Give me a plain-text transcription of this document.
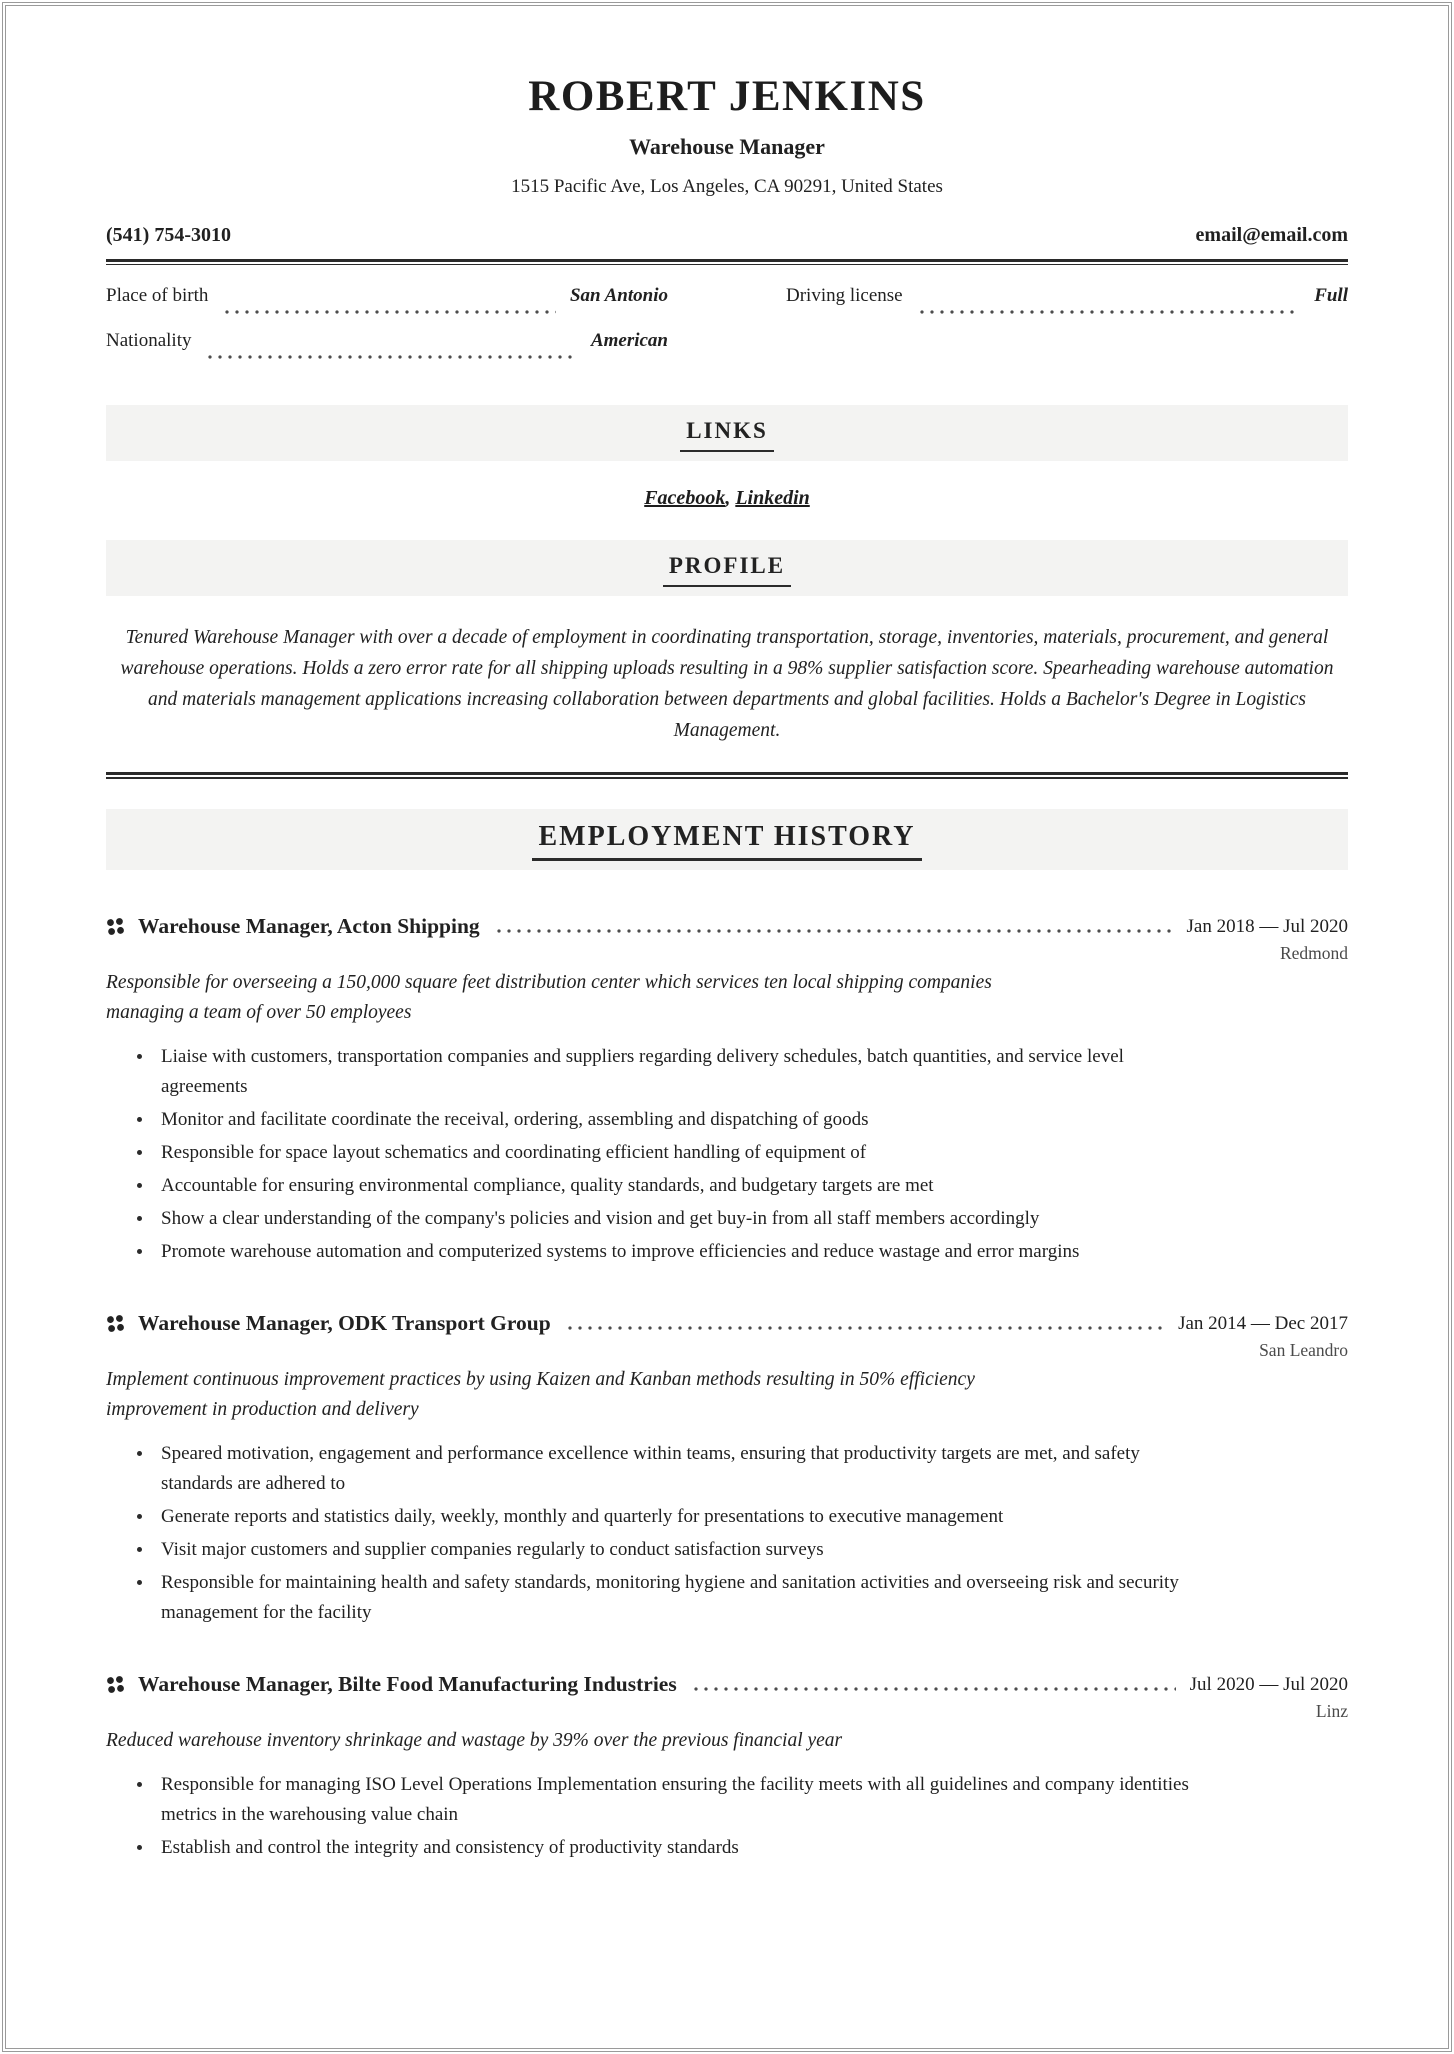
ROBERT JENKINS
Warehouse Manager
1515 Pacific Ave, Los Angeles, CA 90291, United States
(541) 754-3010	email@email.com
Place of birth	San Antonio
Nationality	American
Driving license	Full
LINKS
Facebook, Linkedin
PROFILE
Tenured Warehouse Manager with over a decade of employment in coordinating transportation, storage, inventories, materials, procurement, and general warehouse operations. Holds a zero error rate for all shipping uploads resulting in a 98% supplier satisfaction score. Spearheading warehouse automation and materials management applications increasing collaboration between departments and global facilities. Holds a Bachelor's Degree in Logistics Management.
EMPLOYMENT HISTORY
Warehouse Manager, Acton Shipping	Jan 2018 — Jul 2020
Redmond
Responsible for overseeing a 150,000 square feet distribution center which services ten local shipping companies managing a team of over 50 employees
Liaise with customers, transportation companies and suppliers regarding delivery schedules, batch quantities, and service level agreements
Monitor and facilitate coordinate the receival, ordering, assembling and dispatching of goods
Responsible for space layout schematics and coordinating efficient handling of equipment of
Accountable for ensuring environmental compliance, quality standards, and budgetary targets are met
Show a clear understanding of the company's policies and vision and get buy-in from all staff members accordingly
Promote warehouse automation and computerized systems to improve efficiencies and reduce wastage and error margins
Warehouse Manager, ODK Transport Group	Jan 2014 — Dec 2017
San Leandro
Implement continuous improvement practices by using Kaizen and Kanban methods resulting in 50% efficiency improvement in production and delivery
Speared motivation, engagement and performance excellence within teams, ensuring that productivity targets are met, and safety standards are adhered to
Generate reports and statistics daily, weekly, monthly and quarterly for presentations to executive management
Visit major customers and supplier companies regularly to conduct satisfaction surveys
Responsible for maintaining health and safety standards, monitoring hygiene and sanitation activities and overseeing risk and security management for the facility
Warehouse Manager, Bilte Food Manufacturing Industries	Jul 2020 — Jul 2020
Linz
Reduced warehouse inventory shrinkage and wastage by 39% over the previous financial year
Responsible for managing ISO Level Operations Implementation ensuring the facility meets with all guidelines and company identities metrics in the warehousing value chain
Establish and control the integrity and consistency of productivity standards
